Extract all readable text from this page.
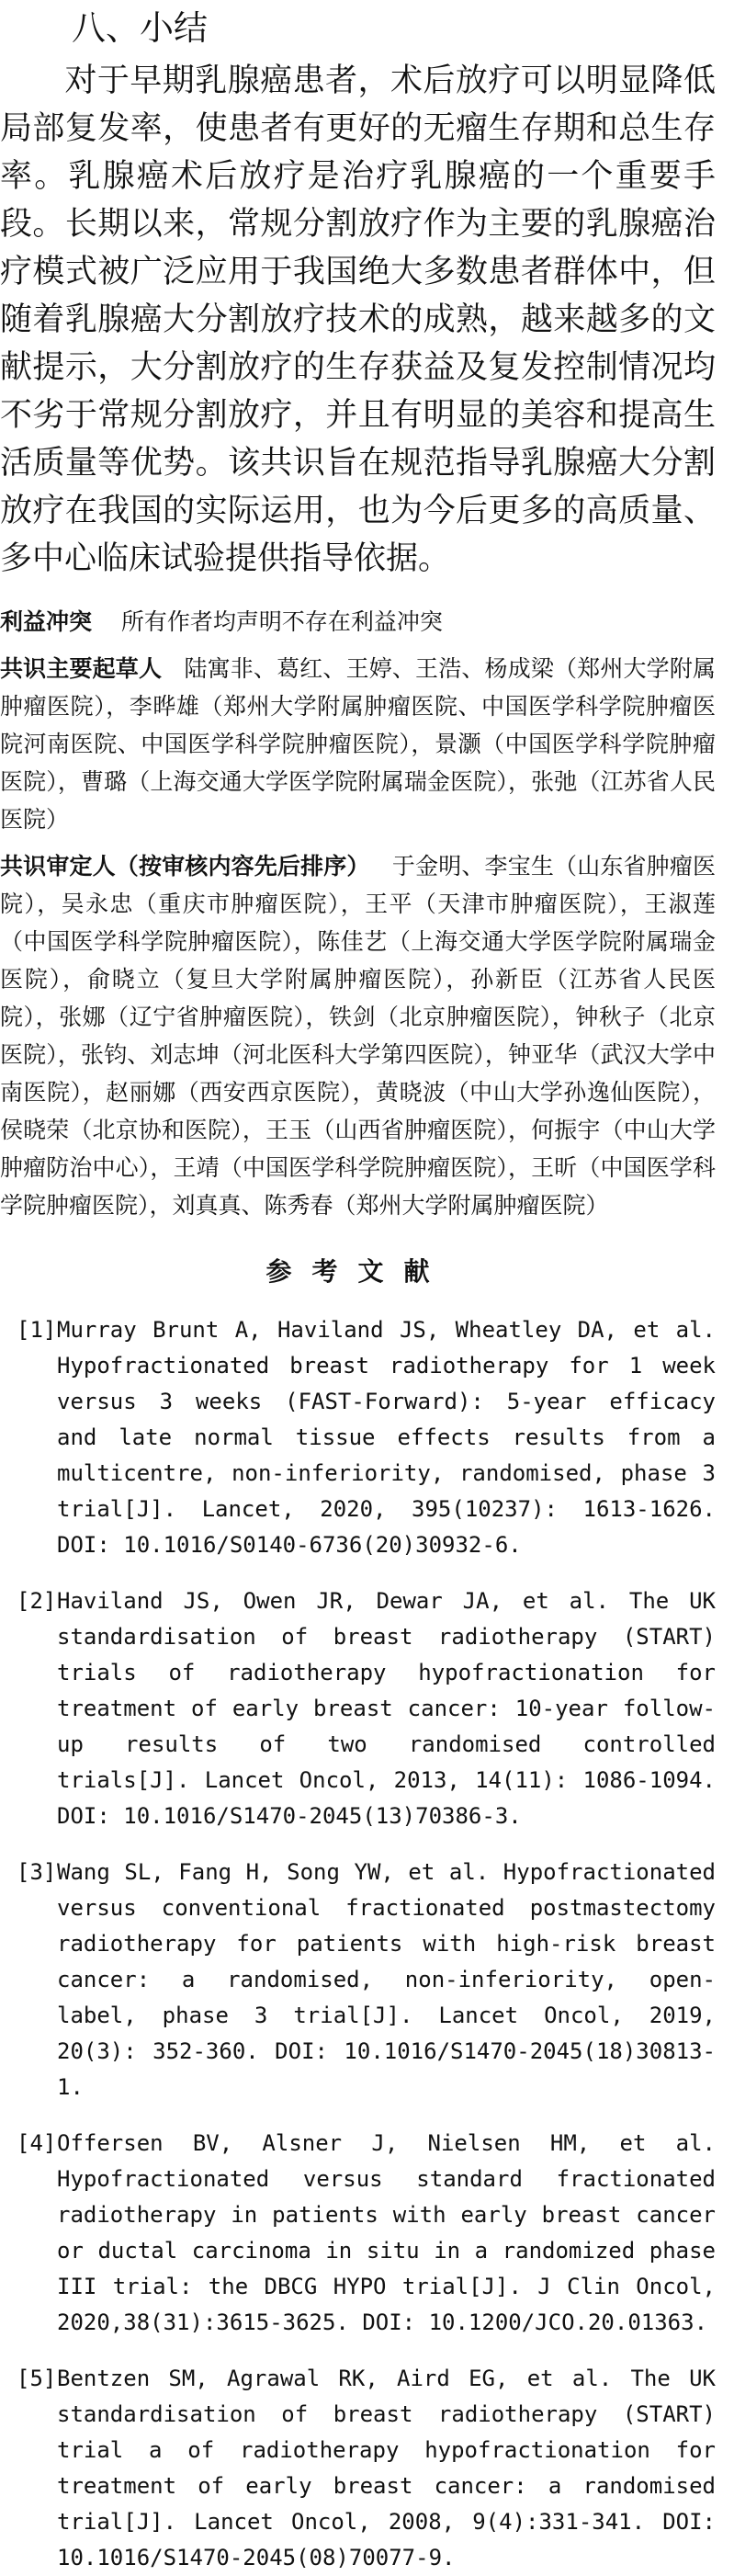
八、小结

对于早期乳腺癌患者，术后放疗可以明显降低局部复发率，使患者有更好的无瘤生存期和总生存率。乳腺癌术后放疗是治疗乳腺癌的一个重要手段。长期以来，常规分割放疗作为主要的乳腺癌治疗模式被广泛应用于我国绝大多数患者群体中，但随着乳腺癌大分割放疗技术的成熟，越来越多的文献提示，大分割放疗的生存获益及复发控制情况均不劣于常规分割放疗，并且有明显的美容和提高生活质量等优势。该共识旨在规范指导乳腺癌大分割放疗在我国的实际运用，也为今后更多的高质量、多中心临床试验提供指导依据。

利益冲突 所有作者均声明不存在利益冲突

共识主要起草人 陆寓非、葛红、王婷、王浩、杨成梁（郑州大学附属肿瘤医院），李晔雄（郑州大学附属肿瘤医院、中国医学科学院肿瘤医院河南医院、中国医学科学院肿瘤医院），景灏（中国医学科学院肿瘤医院），曹璐（上海交通大学医学院附属瑞金医院），张弛（江苏省人民医院）

共识审定人（按审核内容先后排序） 于金明、李宝生（山东省肿瘤医院），吴永忠（重庆市肿瘤医院），王平（天津市肿瘤医院），王淑莲（中国医学科学院肿瘤医院），陈佳艺（上海交通大学医学院附属瑞金医院），俞晓立（复旦大学附属肿瘤医院），孙新臣（江苏省人民医院），张娜（辽宁省肿瘤医院），铁剑（北京肿瘤医院），钟秋子（北京医院），张钧、刘志坤（河北医科大学第四医院），钟亚华（武汉大学中南医院），赵丽娜（西安西京医院），黄晓波（中山大学孙逸仙医院），侯晓荣（北京协和医院），王玉（山西省肿瘤医院），何振宇（中山大学肿瘤防治中心），王靖（中国医学科学院肿瘤医院），王昕（中国医学科学院肿瘤医院），刘真真、陈秀春（郑州大学附属肿瘤医院）

参考文献
[1] Murray Brunt A, Haviland JS, Wheatley DA, et al. Hypofractionated breast radiotherapy for 1 week versus 3 weeks (FAST-Forward): 5-year efficacy and late normal tissue effects results from a multicentre, non-inferiority, randomised, phase 3 trial[J]. Lancet, 2020, 395(10237): 1613-1626. DOI: 10.1016/S0140-6736(20)30932-6.
[2] Haviland JS, Owen JR, Dewar JA, et al. The UK standardisation of breast radiotherapy (START) trials of radiotherapy hypofractionation for treatment of early breast cancer: 10-year follow-up results of two randomised controlled trials[J]. Lancet Oncol, 2013, 14(11): 1086-1094. DOI: 10.1016/S1470-2045(13)70386-3.
[3] Wang SL, Fang H, Song YW, et al. Hypofractionated versus conventional fractionated postmastectomy radiotherapy for patients with high-risk breast cancer: a randomised, non-inferiority, open-label, phase 3 trial[J]. Lancet Oncol, 2019, 20(3): 352-360. DOI: 10.1016/S1470-2045(18)30813-1.
[4] Offersen BV, Alsner J, Nielsen HM, et al. Hypofractionated versus standard fractionated radiotherapy in patients with early breast cancer or ductal carcinoma in situ in a randomized phase III trial: the DBCG HYPO trial[J]. J Clin Oncol, 2020,38(31):3615-3625. DOI: 10.1200/JCO.20.01363.
[5] Bentzen SM, Agrawal RK, Aird EG, et al. The UK standardisation of breast radiotherapy (START) trial a of radiotherapy hypofractionation for treatment of early breast cancer: a randomised trial[J]. Lancet Oncol, 2008, 9(4):331-341. DOI: 10.1016/S1470-2045(08)70077-9.
